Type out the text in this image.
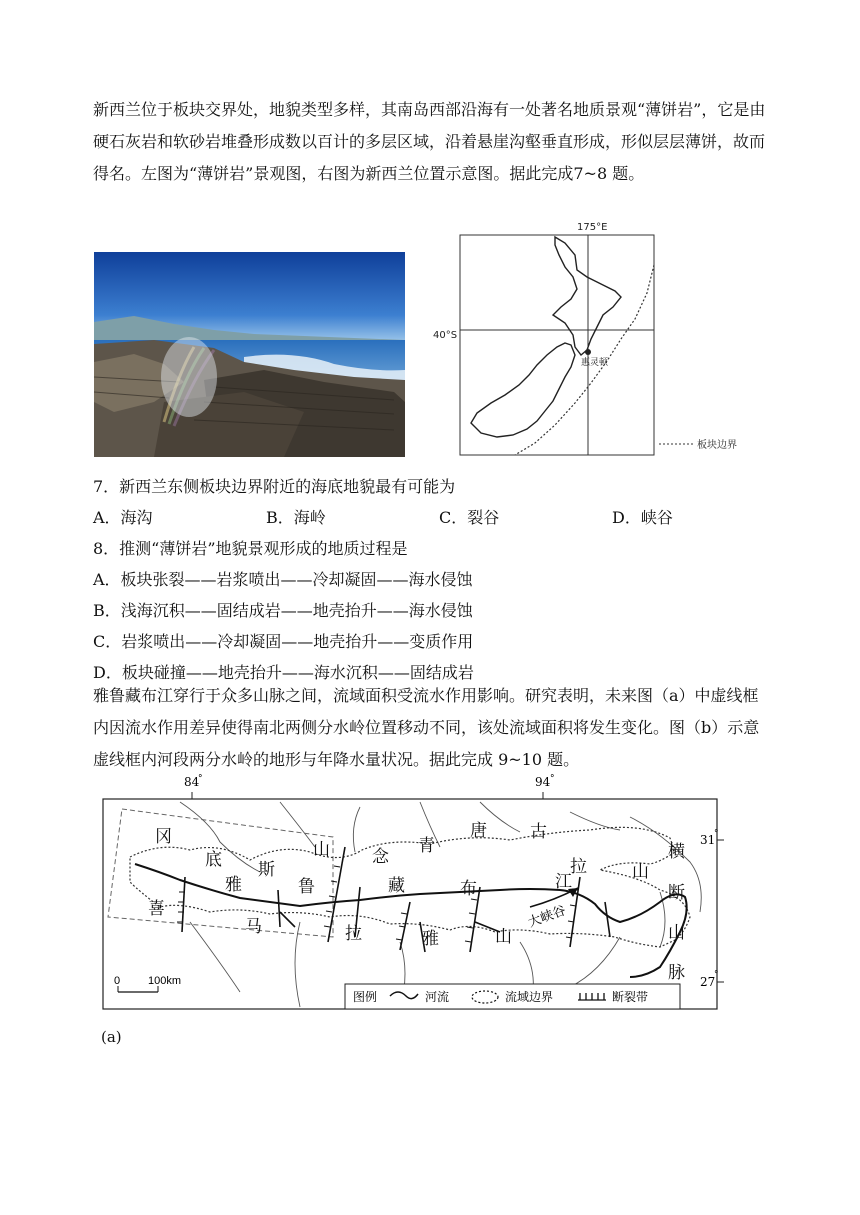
新西兰位于板块交界处，地貌类型多样，其南岛西部沿海有一处著名地质景观“薄饼岩”，它是由硬石灰岩和软砂岩堆叠形成数以百计的多层区域，沿着悬崖沟壑垂直形成，形似层层薄饼，故而得名。左图为“薄饼岩”景观图，右图为新西兰位置示意图。据此完成7~8 题。

175°E
40°S
惠灵顿
板块边界
7．新西兰东侧板块边界附近的海底地貌最有可能为
A．海沟	B．海岭	C．裂谷	D．峡谷
8．推测“薄饼岩”地貌景观形成的地质过程是
A．板块张裂——岩浆喷出——冷却凝固——海水侵蚀
B．浅海沉积——固结成岩——地壳抬升——海水侵蚀
C．岩浆喷出——冷却凝固——地壳抬升——变质作用
D．板块碰撞——地壳抬升——海水沉积——固结成岩

雅鲁藏布江穿行于众多山脉之间，流域面积受流水作用影响。研究表明，未来图（a）中虚线框内因流水作用差异使得南北两侧分水岭位置移动不同，该处流域面积将发生变化。图（b）示意虚线框内河段两分水岭的地形与年降水量状况。据此完成 9~10 题。

84
°	94 °
31
°
27
°
冈
底 斯
山 念
青
唐	古
拉	山
雅	鲁	藏	布	江
喜
马	拉	雅	山
横
断
山
脉
大峡谷
0	100km
图例	河流	流域边界	断裂带
(a)
